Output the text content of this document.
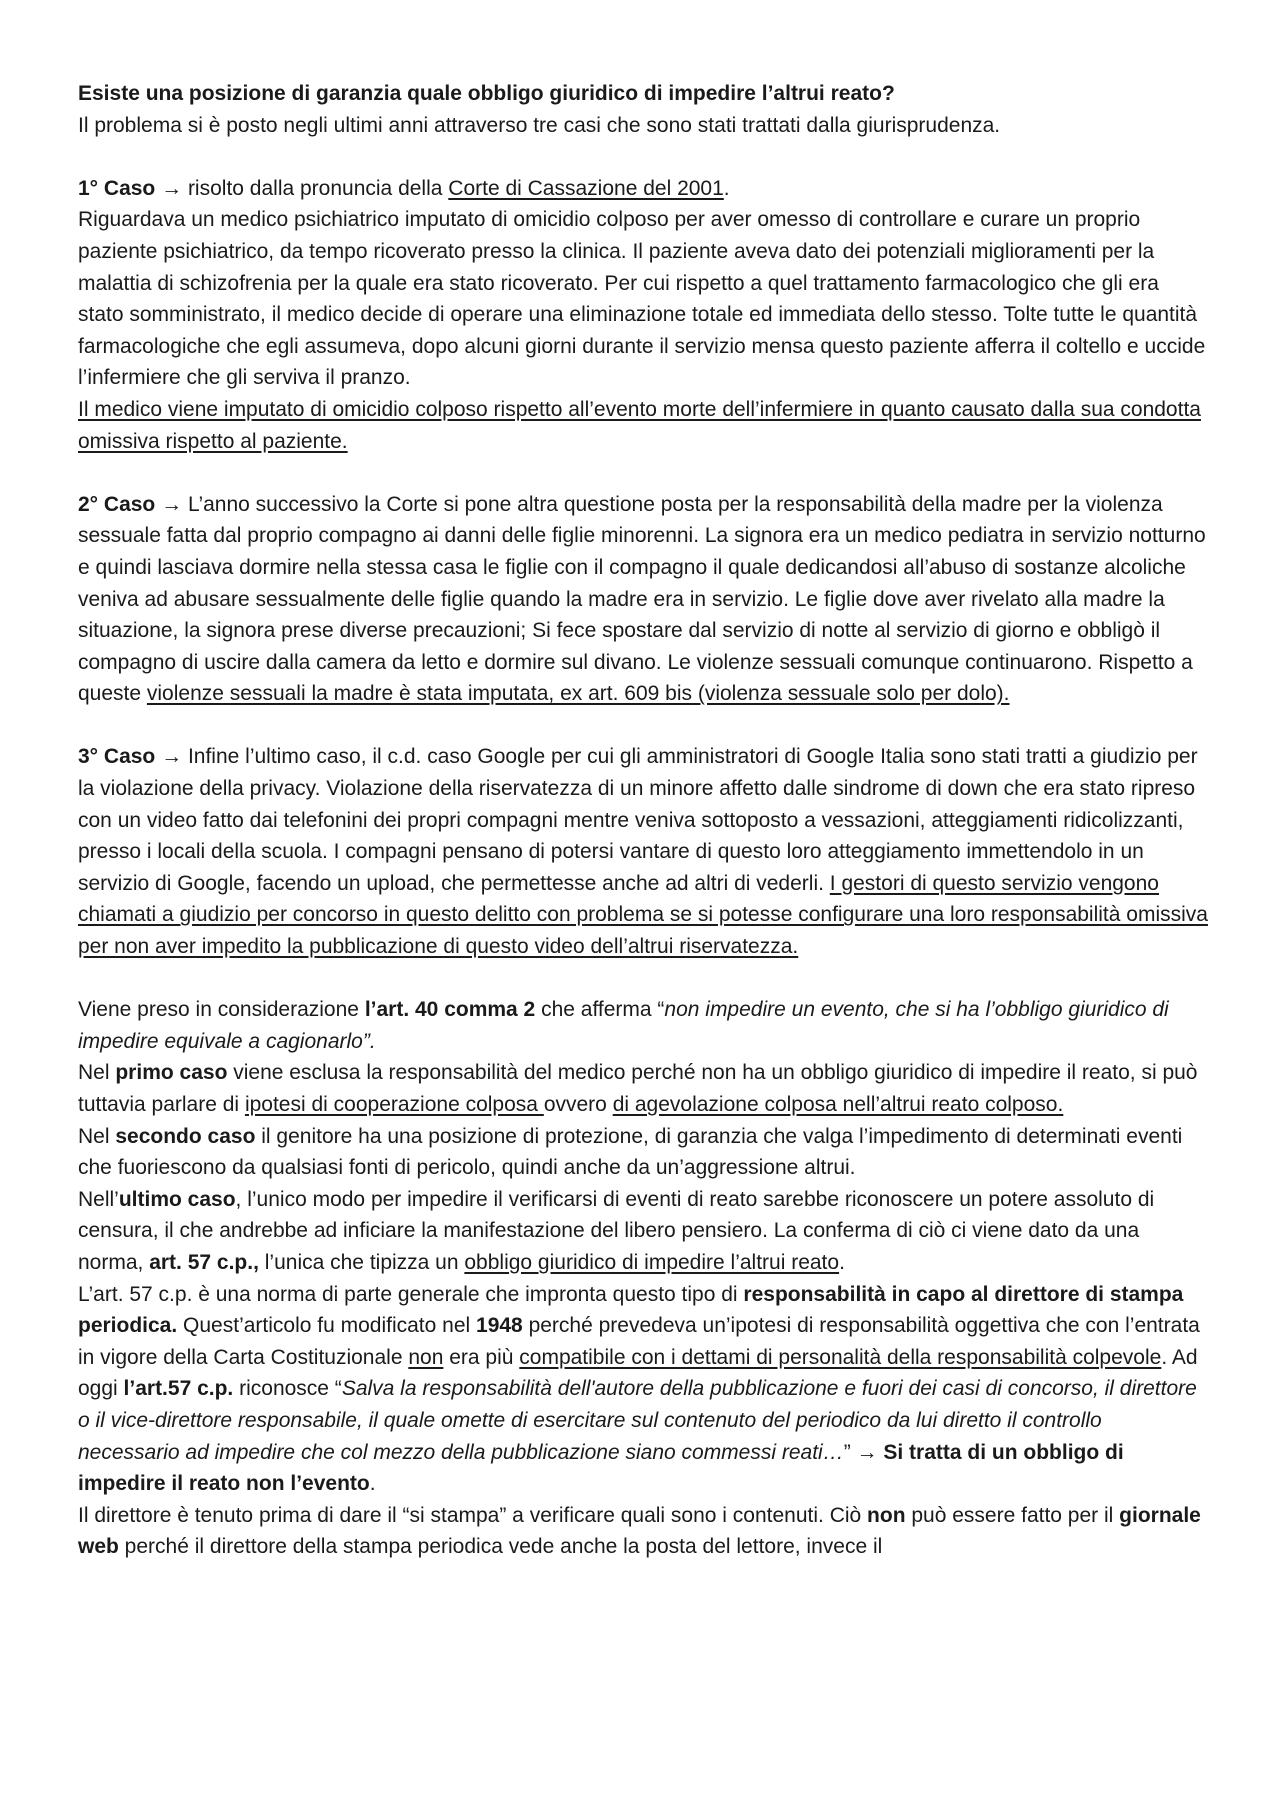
Esiste una posizione di garanzia quale obbligo giuridico di impedire l’altrui reato?

Il problema si è posto negli ultimi anni attraverso tre casi che sono stati trattati dalla giurisprudenza.

1° Caso → risolto dalla pronuncia della Corte di Cassazione del 2001.

Riguardava un medico psichiatrico imputato di omicidio colposo per aver omesso di controllare e curare un proprio paziente psichiatrico, da tempo ricoverato presso la clinica. Il paziente aveva dato dei potenziali miglioramenti per la malattia di schizofrenia per la quale era stato ricoverato. Per cui rispetto a quel trattamento farmacologico che gli era stato somministrato, il medico decide di operare una eliminazione totale ed immediata dello stesso. Tolte tutte le quantità farmacologiche che egli assumeva, dopo alcuni giorni durante il servizio mensa questo paziente afferra il coltello e uccide l’infermiere che gli serviva il pranzo.

Il medico viene imputato di omicidio colposo rispetto all’evento morte dell’infermiere in quanto causato dalla sua condotta omissiva rispetto al paziente.

2° Caso → L’anno successivo la Corte si pone altra questione posta per la responsabilità della madre per la violenza sessuale fatta dal proprio compagno ai danni delle figlie minorenni. La signora era un medico pediatra in servizio notturno e quindi lasciava dormire nella stessa casa le figlie con il compagno il quale dedicandosi all’abuso di sostanze alcoliche veniva ad abusare sessualmente delle figlie quando la madre era in servizio. Le figlie dove aver rivelato alla madre la situazione, la signora prese diverse precauzioni; Si fece spostare dal servizio di notte al servizio di giorno e obbligò il compagno di uscire dalla camera da letto e dormire sul divano. Le violenze sessuali comunque continuarono. Rispetto a queste violenze sessuali la madre è stata imputata, ex art. 609 bis (violenza sessuale solo per dolo).

3° Caso → Infine l’ultimo caso, il c.d. caso Google per cui gli amministratori di Google Italia sono stati tratti a giudizio per la violazione della privacy. Violazione della riservatezza di un minore affetto dalle sindrome di down che era stato ripreso con un video fatto dai telefonini dei propri compagni mentre veniva sottoposto a vessazioni, atteggiamenti ridicolizzanti, presso i locali della scuola. I compagni pensano di potersi vantare di questo loro atteggiamento immettendolo in un servizio di Google, facendo un upload, che permettesse anche ad altri di vederli. I gestori di questo servizio vengono chiamati a giudizio per concorso in questo delitto con problema se si potesse configurare una loro responsabilità omissiva per non aver impedito la pubblicazione di questo video dell’altrui riservatezza.

Viene preso in considerazione l’art. 40 comma 2 che afferma “non impedire un evento, che si ha l’obbligo giuridico di impedire equivale a cagionarlo”.

Nel primo caso viene esclusa la responsabilità del medico perché non ha un obbligo giuridico di impedire il reato, si può tuttavia parlare di ipotesi di cooperazione colposa ovvero di agevolazione colposa nell’altrui reato colposo.

Nel secondo caso il genitore ha una posizione di protezione, di garanzia che valga l’impedimento di determinati eventi che fuoriescono da qualsiasi fonti di pericolo, quindi anche da un’aggressione altrui.

Nell’ultimo caso, l’unico modo per impedire il verificarsi di eventi di reato sarebbe riconoscere un potere assoluto di censura, il che andrebbe ad inficiare la manifestazione del libero pensiero. La conferma di ciò ci viene dato da una norma, art. 57 c.p., l’unica che tipizza un obbligo giuridico di impedire l’altrui reato.

L’art. 57 c.p. è una norma di parte generale che impronta questo tipo di responsabilità in capo al direttore di stampa periodica. Quest’articolo fu modificato nel 1948 perché prevedeva un’ipotesi di responsabilità oggettiva che con l’entrata in vigore della Carta Costituzionale non era più compatibile con i dettami di personalità della responsabilità colpevole. Ad oggi l’art.57 c.p. riconosce “Salva la responsabilità dell'autore della pubblicazione e fuori dei casi di concorso, il direttore o il vice-direttore responsabile, il quale omette di esercitare sul contenuto del periodico da lui diretto il controllo necessario ad impedire che col mezzo della pubblicazione siano commessi reati…” → Si tratta di un obbligo di impedire il reato non l’evento.

Il direttore è tenuto prima di dare il “si stampa” a verificare quali sono i contenuti. Ciò non può essere fatto per il giornale web perché il direttore della stampa periodica vede anche la posta del lettore, invece il
